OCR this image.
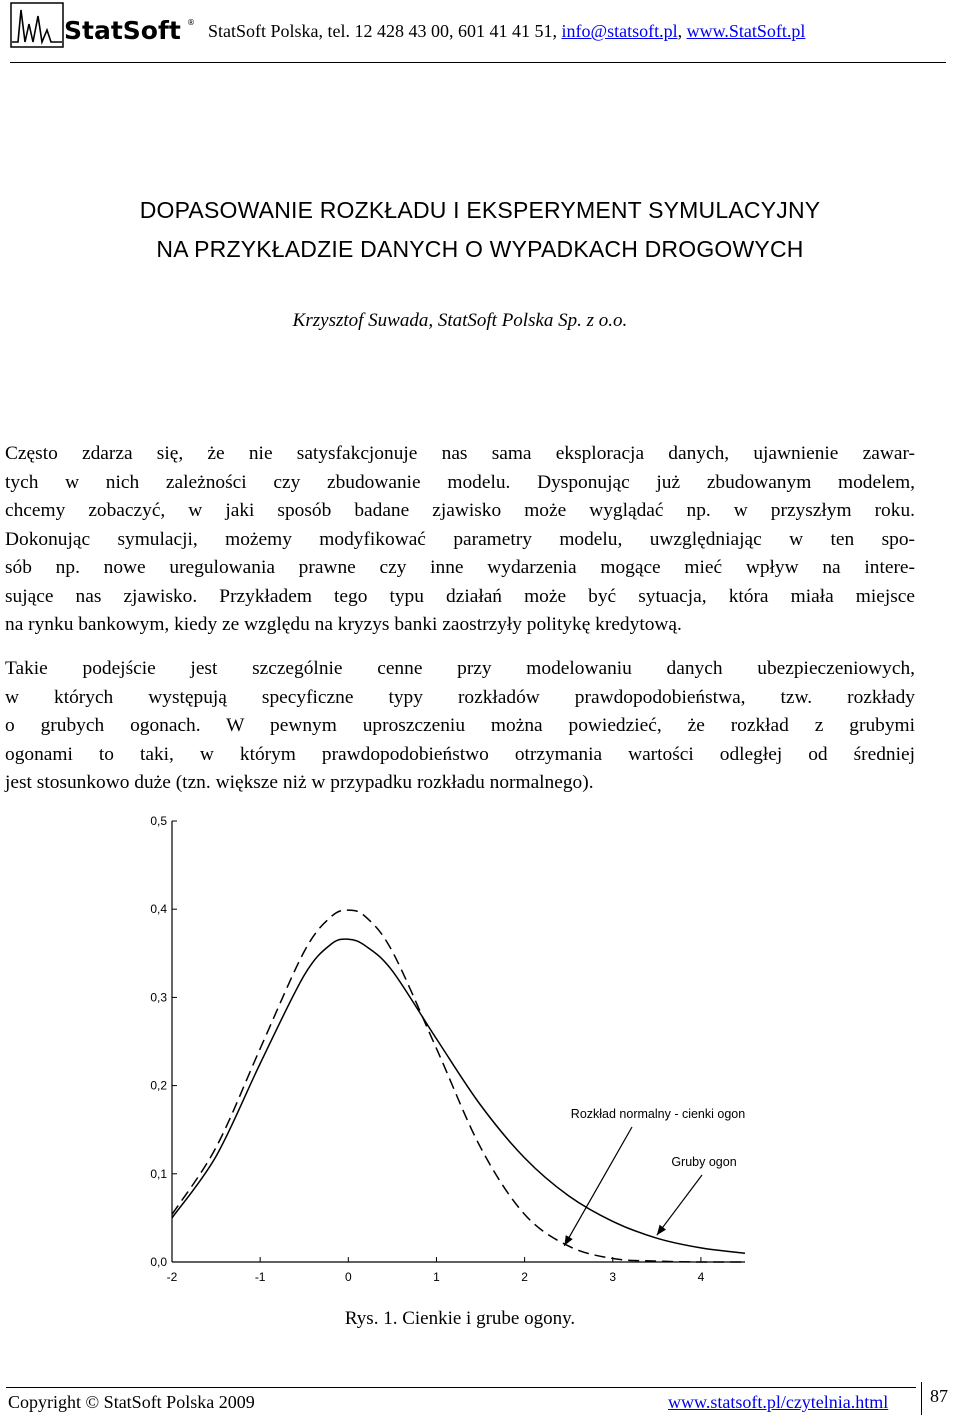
StatSoft ® StatSoft Polska, tel. 12 428 43 00, 601 41 41 51, info@statsoft.pl, www.StatSoft.pl
DOPASOWANIE ROZKŁADU I EKSPERYMENT SYMULACYJNY
NA PRZYKŁADZIE DANYCH O WYPADKACH DROGOWYCH
Krzysztof Suwada, StatSoft Polska Sp. z o.o.
Często zdarza się, że nie satysfakcjonuje nas sama eksploracja danych, ujawnienie zawar-
tych w nich zależności czy zbudowanie modelu. Dysponując już zbudowanym modelem,
chcemy zobaczyć, w jaki sposób badane zjawisko może wyglądać np. w przyszłym roku.
Dokonując symulacji, możemy modyfikować parametry modelu, uwzględniając w ten spo-
sób np. nowe uregulowania prawne czy inne wydarzenia mogące mieć wpływ na intere-
sujące nas zjawisko. Przykładem tego typu działań może być sytuacja, która miała miejsce
na rynku bankowym, kiedy ze względu na kryzys banki zaostrzyły politykę kredytową.
Takie podejście jest szczególnie cenne przy modelowaniu danych ubezpieczeniowych,
w których występują specyficzne typy rozkładów prawdopodobieństwa, tzw. rozkłady
o grubych ogonach. W pewnym uproszczeniu można powiedzieć, że rozkład z grubymi
ogonami to taki, w którym prawdopodobieństwo otrzymania wartości odległej od średniej
jest stosunkowo duże (tzn. większe niż w przypadku rozkładu normalnego).
0,0
0,1
0,2
0,3
0,4
0,5
-2	-1	0	1	2	3	4
Rozkład normalny - cienki ogon
Gruby ogon
Rys. 1. Cienkie i grube ogony.
Copyright © StatSoft Polska 2009	www.statsoft.pl/czytelnia.html 87
